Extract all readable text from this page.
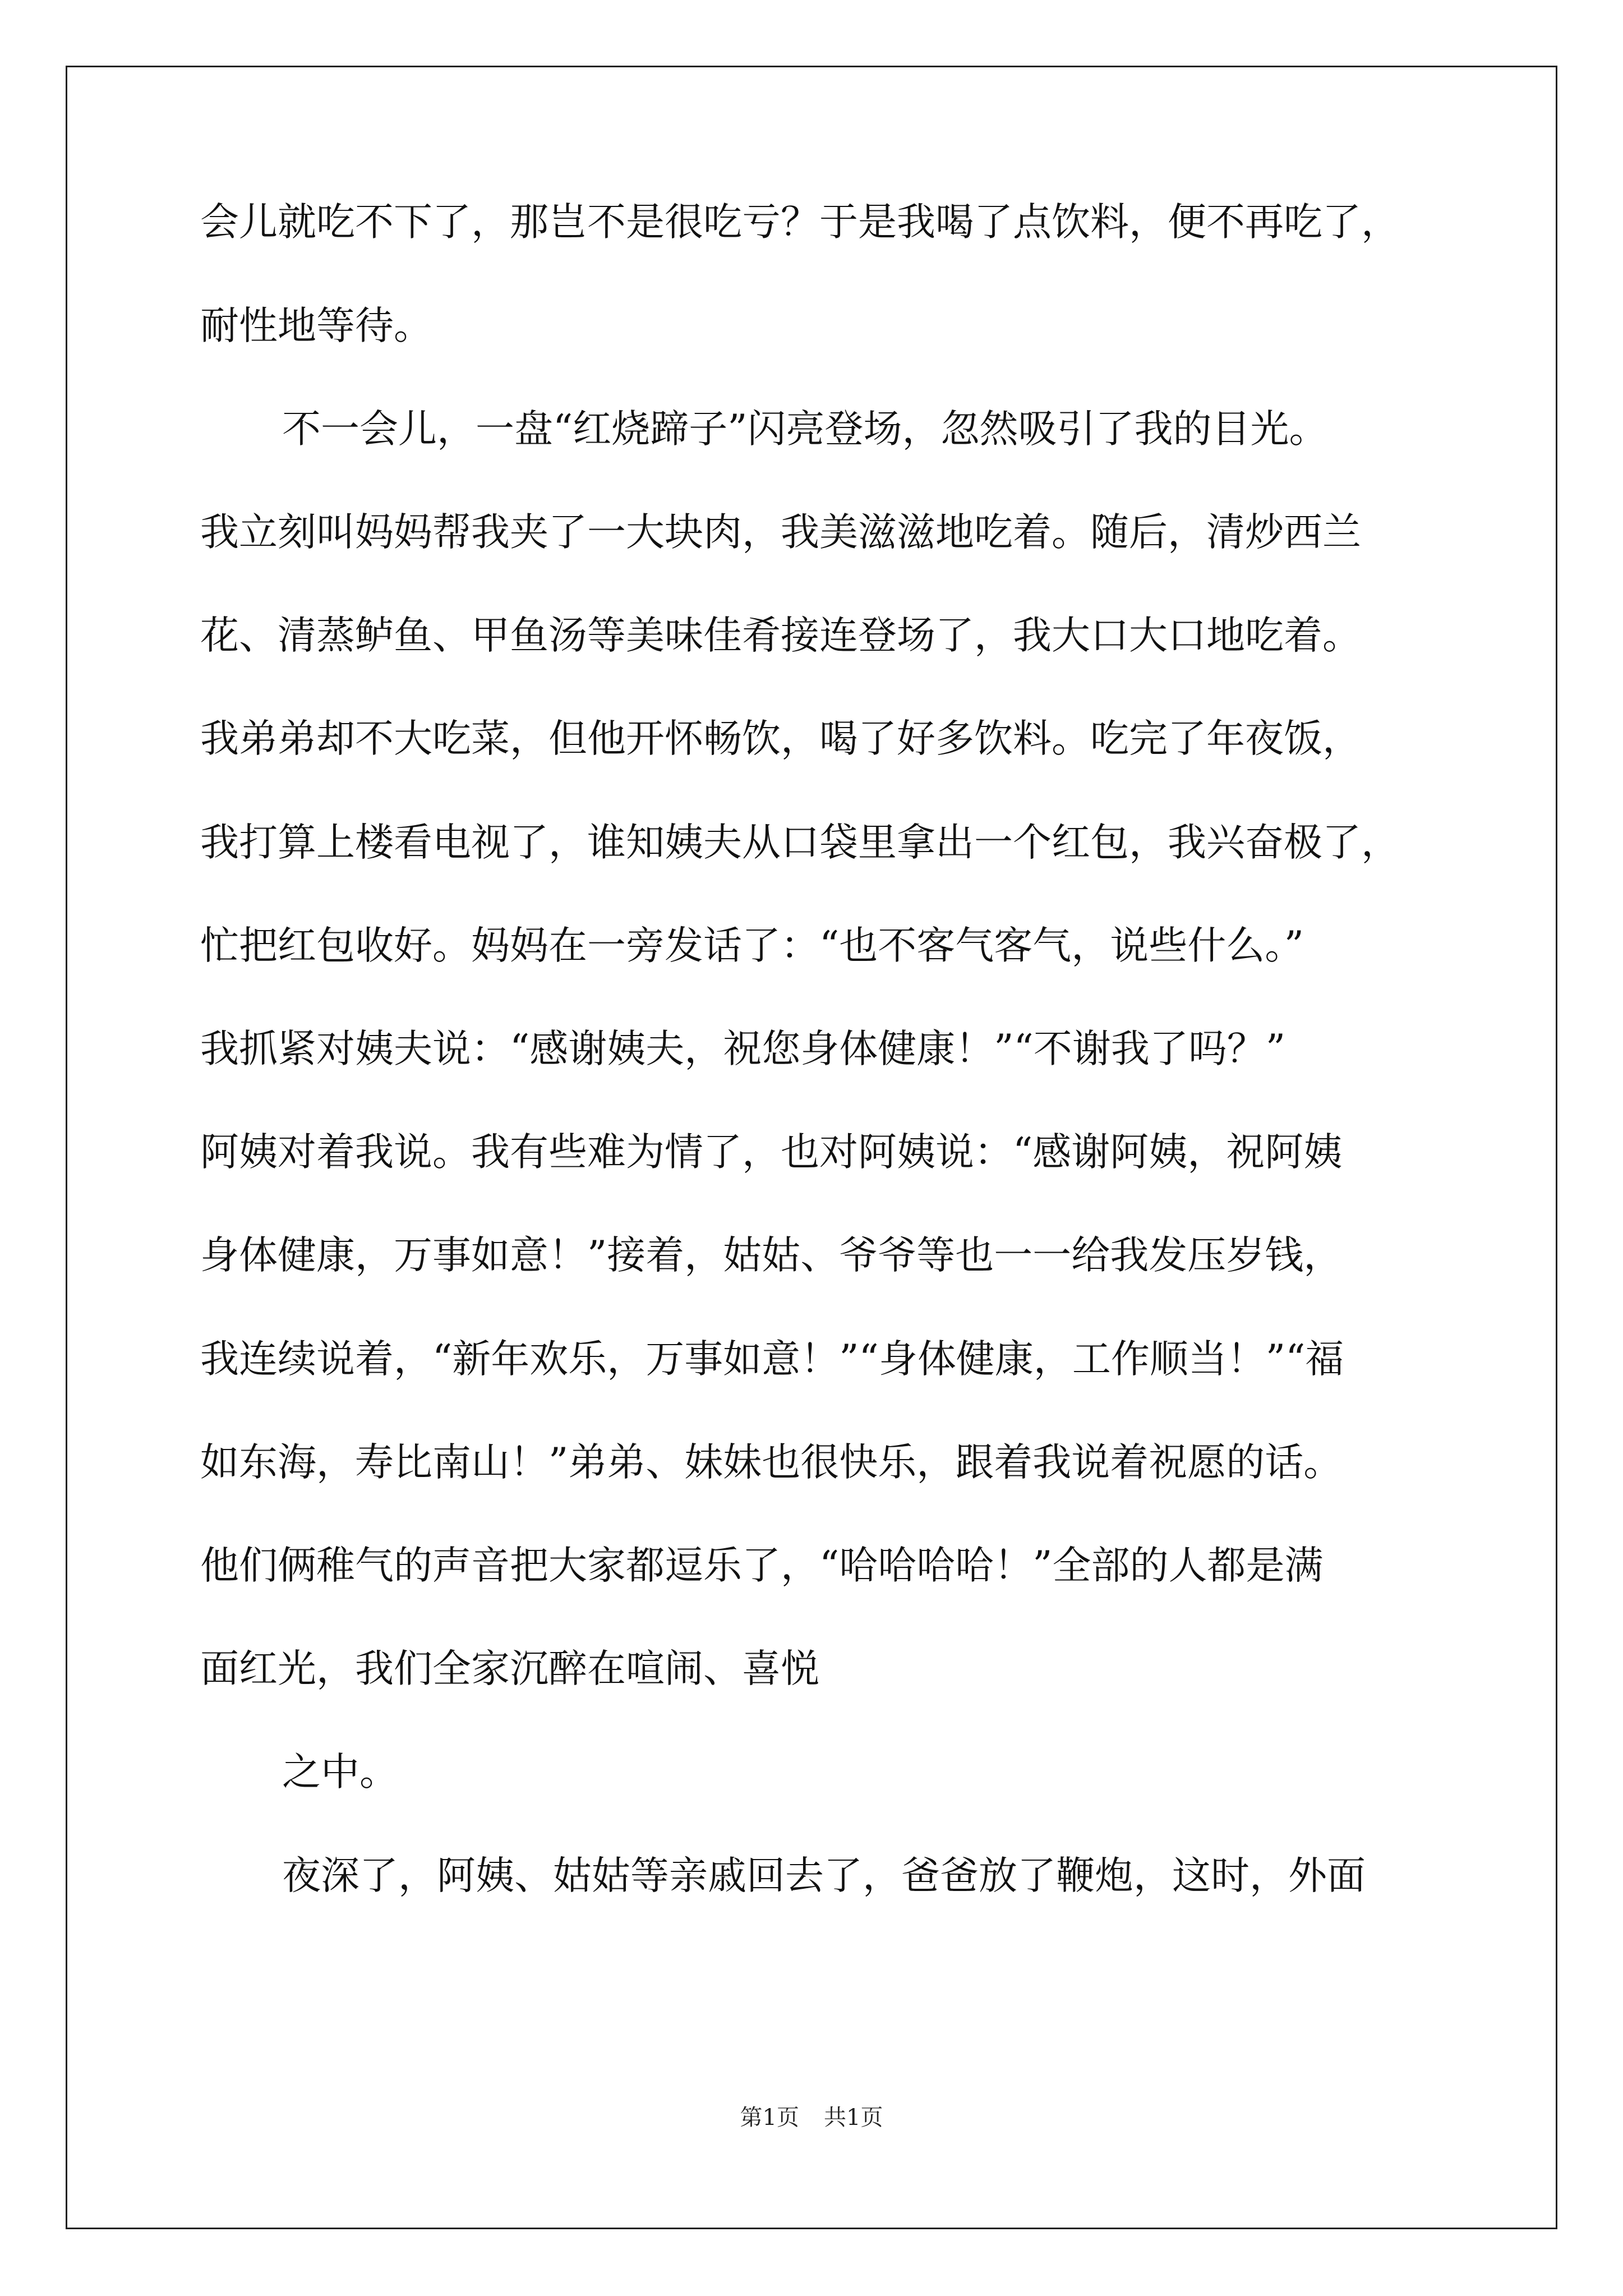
会儿就吃不下了，那岂不是很吃亏？于是我喝了点饮料，便不再吃了，
耐性地等待。
不一会儿，一盘“红烧蹄子”闪亮登场，忽然吸引了我的目光。
我立刻叫妈妈帮我夹了一大块肉，我美滋滋地吃着。随后，清炒西兰
花、清蒸鲈鱼、甲鱼汤等美味佳肴接连登场了，我大口大口地吃着。
我弟弟却不大吃菜，但他开怀畅饮，喝了好多饮料。吃完了年夜饭，
我打算上楼看电视了，谁知姨夫从口袋里拿出一个红包，我兴奋极了，
忙把红包收好。妈妈在一旁发话了：“也不客气客气，说些什么。”
我抓紧对姨夫说：“感谢姨夫，祝您身体健康！”“不谢我了吗？”
阿姨对着我说。我有些难为情了，也对阿姨说：“感谢阿姨，祝阿姨
身体健康，万事如意！”接着，姑姑、爷爷等也一一给我发压岁钱，
我连续说着，“新年欢乐，万事如意！”“身体健康，工作顺当！”“福
如东海，寿比南山！”弟弟、妹妹也很快乐，跟着我说着祝愿的话。
他们俩稚气的声音把大家都逗乐了，“哈哈哈哈！”全部的人都是满
面红光，我们全家沉醉在喧闹、喜悦
之中。
夜深了，阿姨、姑姑等亲戚回去了，爸爸放了鞭炮，这时，外面
第1页 共1页
